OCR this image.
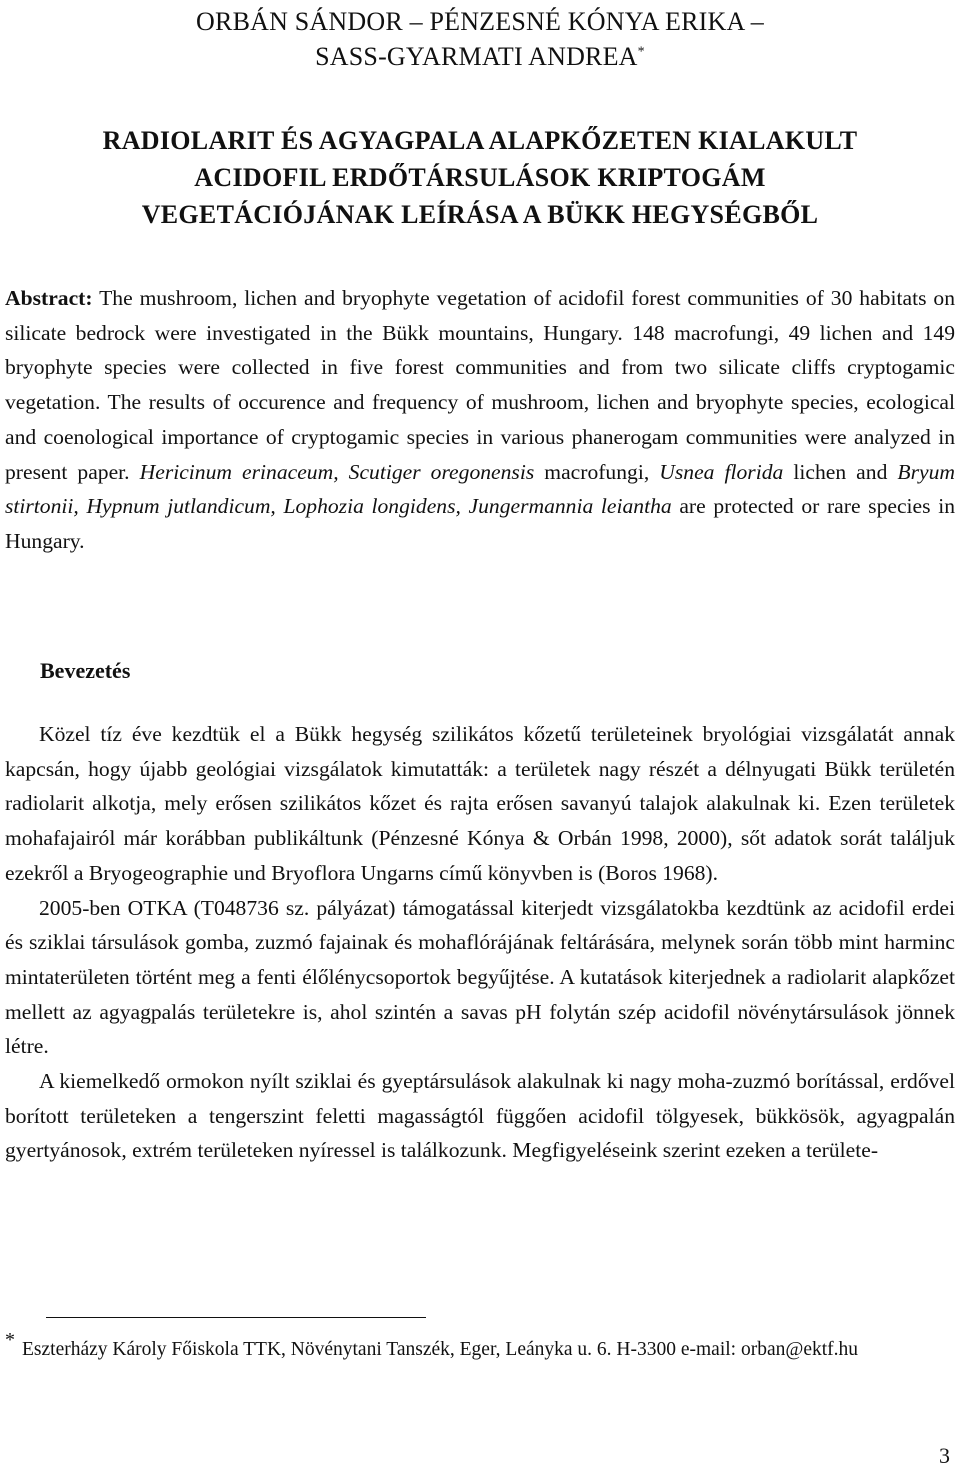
ORBÁN SÁNDOR – PÉNZESNÉ KÓNYA ERIKA –
SASS-GYARMATI ANDREA*
RADIOLARIT ÉS AGYAGPALA ALAPKŐZETEN KIALAKULT
ACIDOFIL ERDŐTÁRSULÁSOK KRIPTOGÁM
VEGETÁCIÓJÁNAK LEÍRÁSA A BÜKK HEGYSÉGBŐL

Abstract: The mushroom, lichen and bryophyte vegetation of acidofil forest communities of 30 habitats on silicate bedrock were investigated in the Bükk mountains, Hungary. 148 macrofungi, 49 lichen and 149 bryophyte species were collected in five forest communities and from two silicate cliffs cryptogamic vegetation. The results of occurence and frequency of mushroom, lichen and bryophyte species, ecological and coenological importance of cryptogamic species in various phanerogam communities were analyzed in present paper. Hericinum erinaceum, Scutiger oregonensis macrofungi, Usnea florida lichen and Bryum stirtonii, Hypnum jutlandicum, Lophozia longidens, Jungermannia leiantha are protected or rare species in Hungary.

Bevezetés

Közel tíz éve kezdtük el a Bükk hegység szilikátos kőzetű területeinek bryológiai vizsgálatát annak kapcsán, hogy újabb geológiai vizsgálatok kimutatták: a területek nagy részét a délnyugati Bükk területén radiolarit alkotja, mely erősen szilikátos kőzet és rajta erősen savanyú talajok alakulnak ki. Ezen területek mohafajairól már korábban publikáltunk (Pénzesné Kónya & Orbán 1998, 2000), sőt adatok sorát találjuk ezekről a Bryogeographie und Bryoflora Ungarns című könyvben is (Boros 1968).

2005-ben OTKA (T048736 sz. pályázat) támogatással kiterjedt vizsgálatokba kezdtünk az acidofil erdei és sziklai társulások gomba, zuzmó fajainak és mohaflórájának feltárására, melynek során több mint harminc mintaterületen történt meg a fenti élőlénycsoportok begyűjtése. A kutatások kiterjednek a radiolarit alapkőzet mellett az agyagpalás területekre is, ahol szintén a savas pH folytán szép acidofil növénytársulások jönnek létre.

A kiemelkedő ormokon nyílt sziklai és gyeptársulások alakulnak ki nagy moha-zuzmó borítással, erdővel borított területeken a tengerszint feletti magasságtól függően acidofil tölgyesek, bükkösök, agyagpalán gyertyánosok, extrém területeken nyíressel is találkozunk. Megfigyeléseink szerint ezeken a területe-

* Eszterházy Károly Főiskola TTK, Növénytani Tanszék, Eger, Leányka u. 6. H-3300 e-mail: orban@ektf.hu
3
